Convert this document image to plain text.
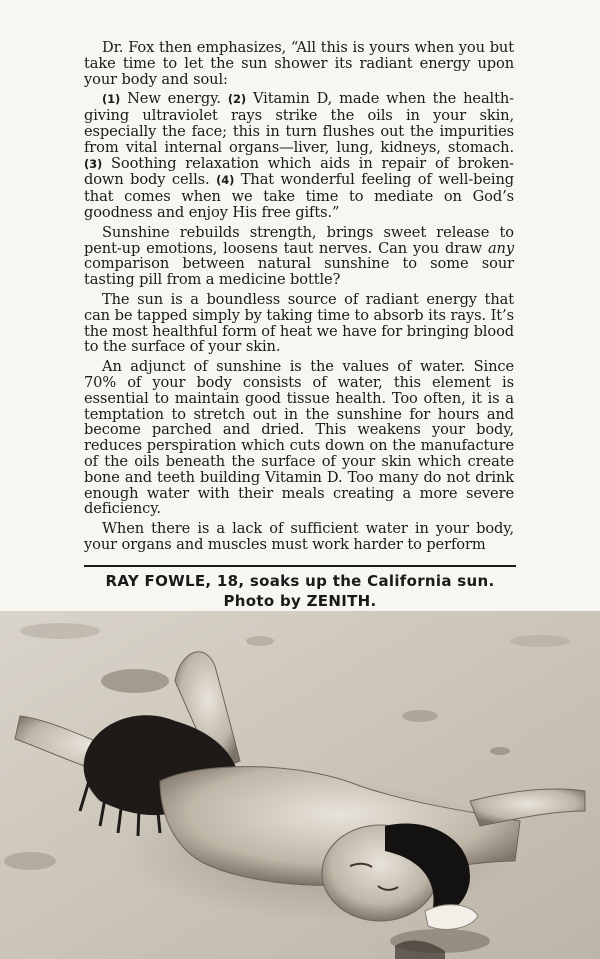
Dr. Fox then emphasizes, “All this is yours when you but take time to let the sun shower its radiant energy upon your body and soul:

(1) New energy. (2) Vitamin D, made when the health-giving ultraviolet rays strike the oils in your skin, especially the face; this in turn flushes out the impurities from vital internal organs—liver, lung, kidneys, stomach. (3) Soothing relaxation which aids in repair of broken-down body cells. (4) That wonderful feeling of well-being that comes when we take time to mediate on God’s goodness and enjoy His free gifts.”

Sunshine rebuilds strength, brings sweet release to pent-up emotions, loosens taut nerves. Can you draw any comparison between natural sunshine to some sour tasting pill from a medicine bottle?

The sun is a boundless source of radiant energy that can be tapped simply by taking time to absorb its rays. It’s the most healthful form of heat we have for bringing blood to the surface of your skin.

An adjunct of sunshine is the values of water. Since 70% of your body consists of water, this element is essential to maintain good tissue health. Too often, it is a temptation to stretch out in the sunshine for hours and become parched and dried. This weakens your body, reduces perspiration which cuts down on the manufacture of the oils beneath the surface of your skin which create bone and teeth building Vitamin D. Too many do not drink enough water with their meals creating a more severe deficiency.

When there is a lack of sufficient water in your body, your organs and muscles must work harder to perform

RAY FOWLE, 18, soaks up the California sun.
Photo by ZENITH.
